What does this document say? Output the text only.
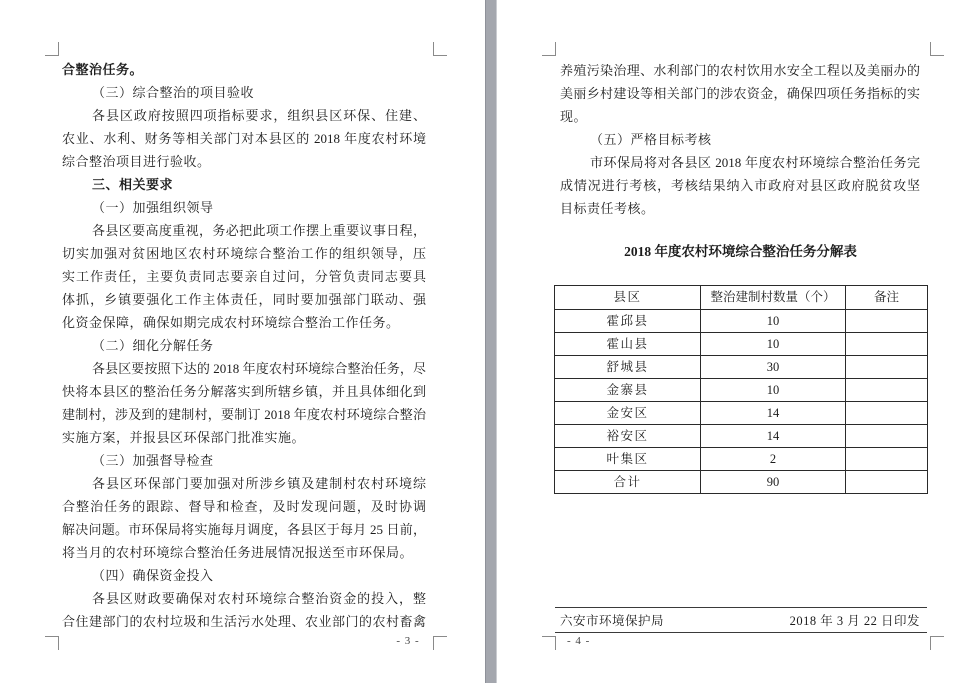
合整治任务。
（三）综合整治的项目验收
各县区政府按照四项指标要求，组织县区环保、住建、
农业、水利、财务等相关部门对本县区的 2018 年度农村环境
综合整治项目进行验收。
三、相关要求
（一）加强组织领导
各县区要高度重视，务必把此项工作摆上重要议事日程，
切实加强对贫困地区农村环境综合整治工作的组织领导，压
实工作责任，主要负责同志要亲自过问，分管负责同志要具
体抓，乡镇要强化工作主体责任，同时要加强部门联动、强
化资金保障，确保如期完成农村环境综合整治工作任务。
（二）细化分解任务
各县区要按照下达的 2018 年度农村环境综合整治任务，尽
快将本县区的整治任务分解落实到所辖乡镇，并且具体细化到
建制村，涉及到的建制村，要制订 2018 年度农村环境综合整治
实施方案，并报县区环保部门批准实施。
（三）加强督导检查
各县区环保部门要加强对所涉乡镇及建制村农村环境综
合整治任务的跟踪、督导和检查，及时发现问题，及时协调
解决问题。市环保局将实施每月调度，各县区于每月 25 日前，
将当月的农村环境综合整治任务进展情况报送至市环保局。
（四）确保资金投入
各县区财政要确保对农村环境综合整治资金的投入，整
合住建部门的农村垃圾和生活污水处理、农业部门的农村畜禽
- 3 -
养殖污染治理、水利部门的农村饮用水安全工程以及美丽办的
美丽乡村建设等相关部门的涉农资金，确保四项任务指标的实
现。
（五）严格目标考核
市环保局将对各县区 2018 年度农村环境综合整治任务完
成情况进行考核，考核结果纳入市政府对县区政府脱贫攻坚
目标责任考核。
2018 年度农村环境综合整治任务分解表
县区	整治建制村数量（个）	备注
霍邱县	10	
霍山县	10	
舒城县	30	
金寨县	10	
金安区	14	
裕安区	14	
叶集区	2	
合计	90	
六安市环境保护局	2018 年 3 月 22 日印发
- 4 -
